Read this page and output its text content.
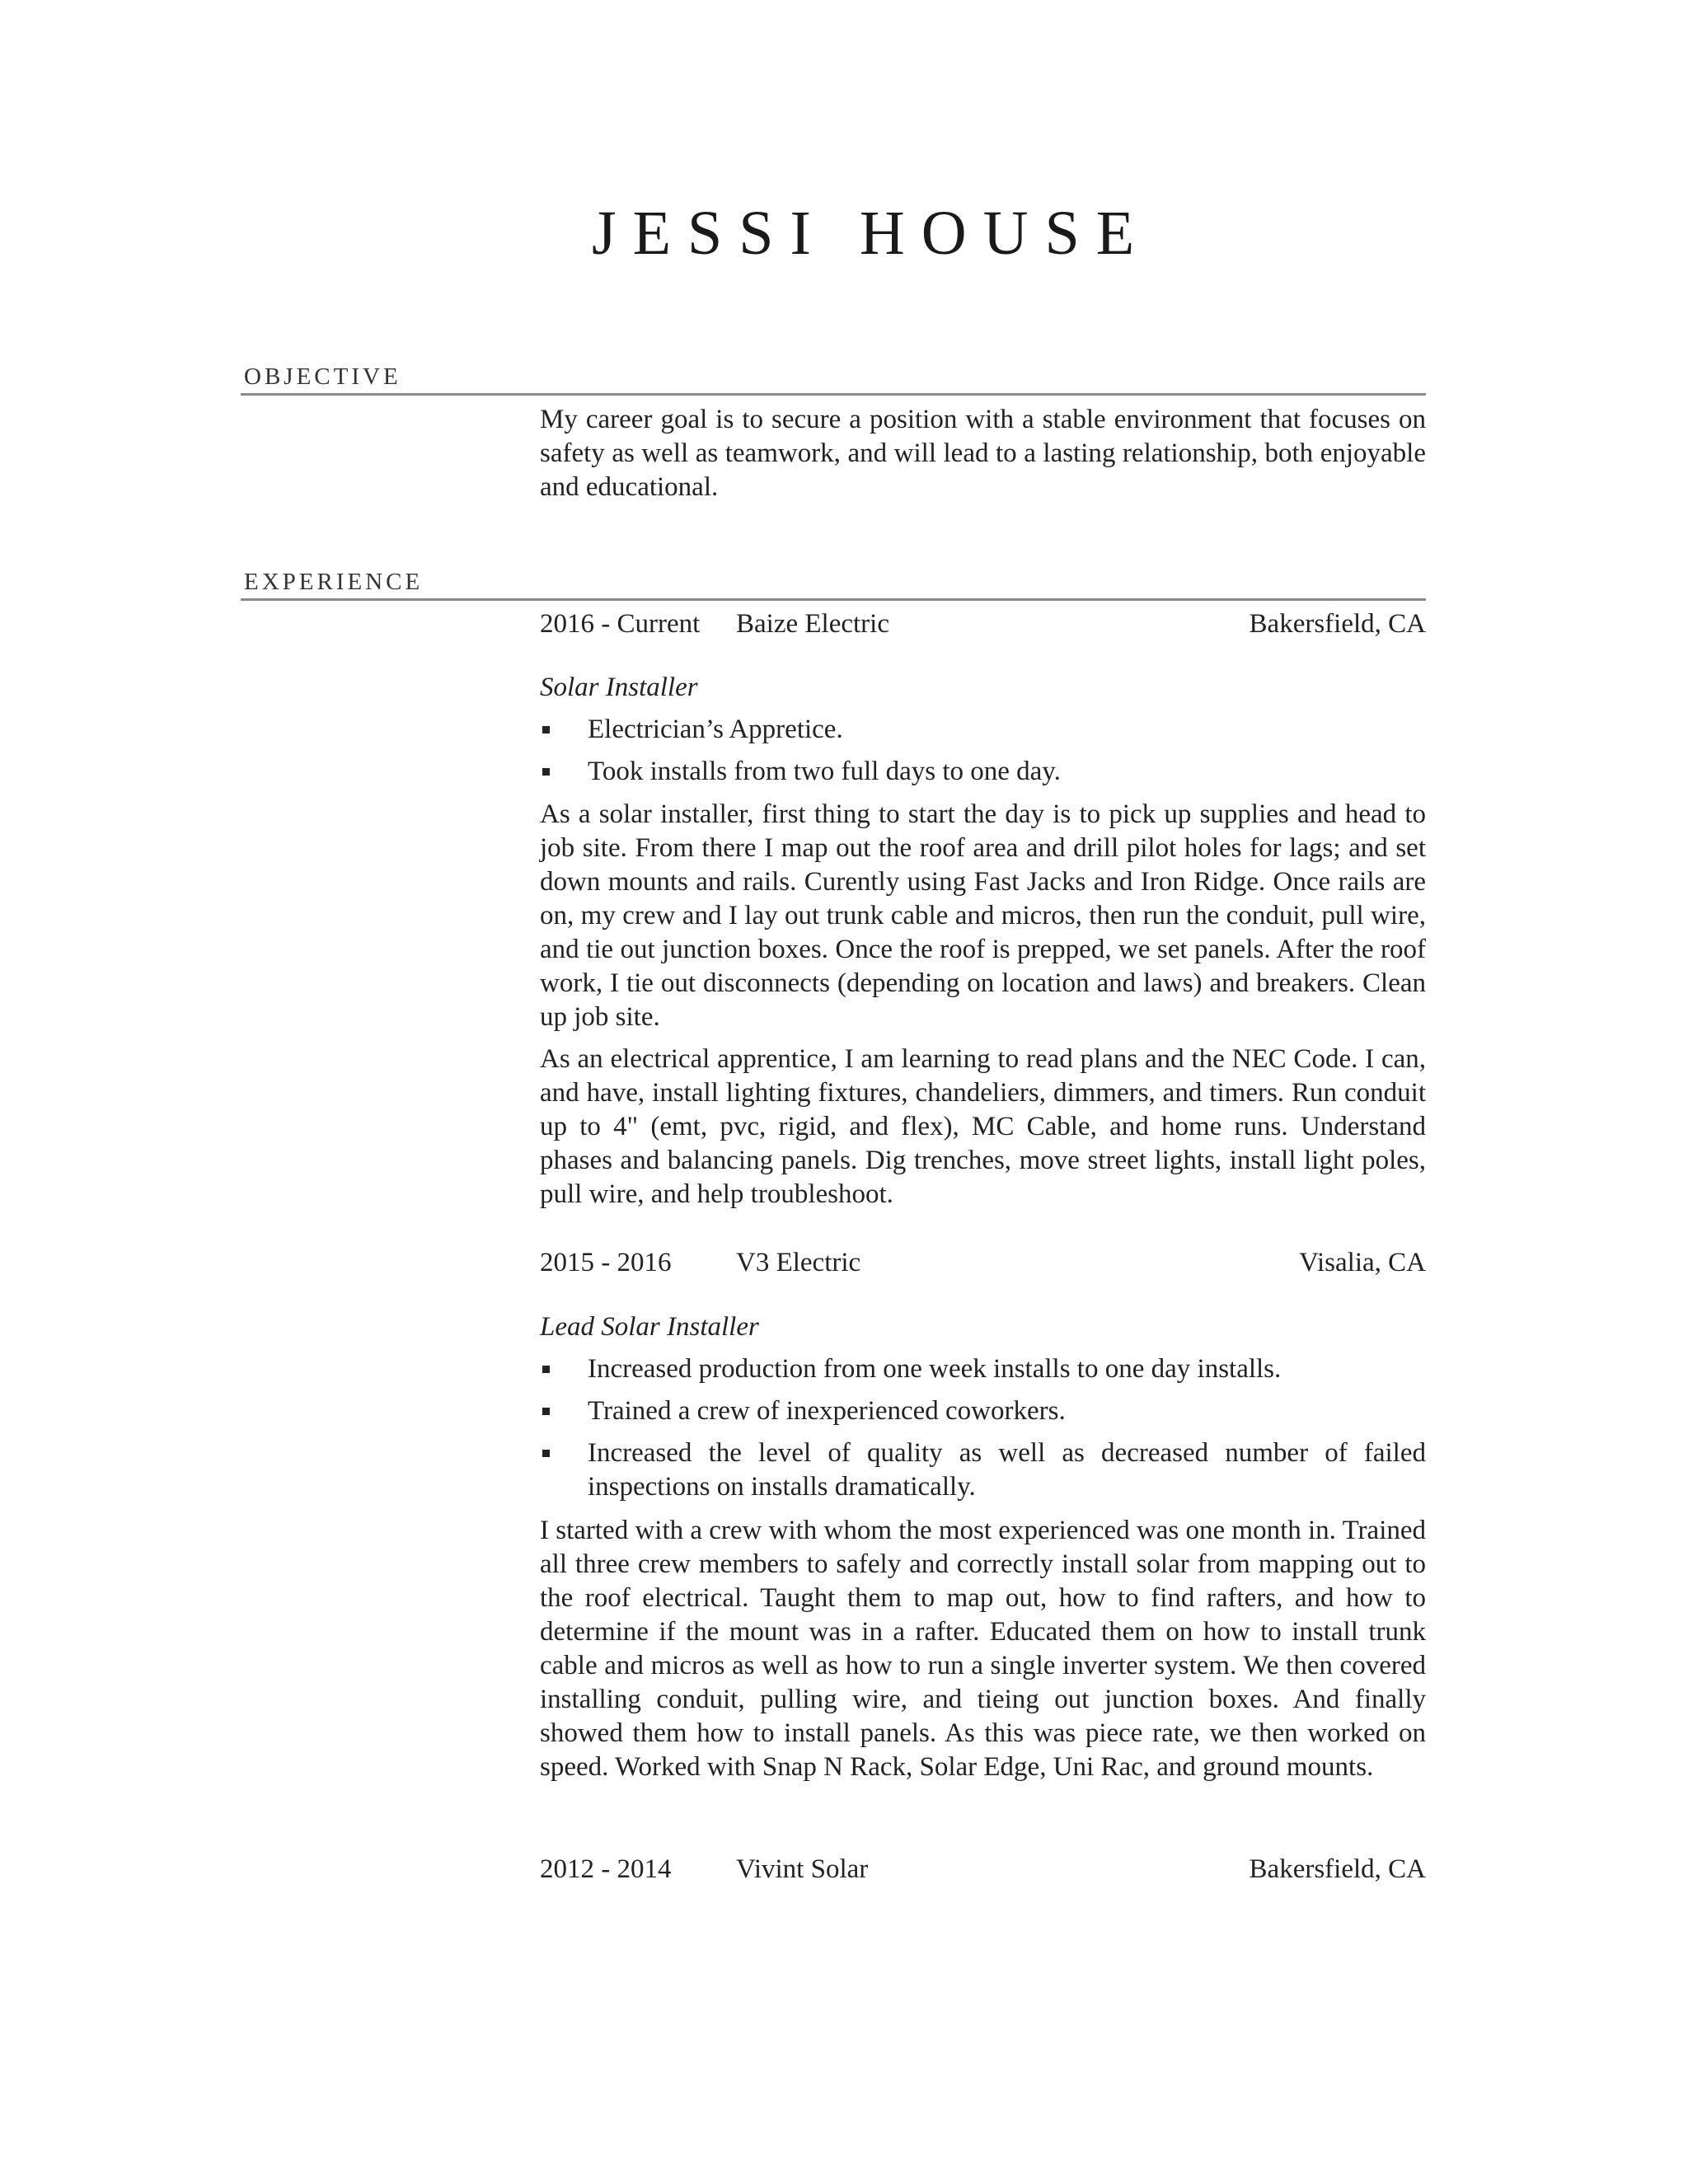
JESSI HOUSE
OBJECTIVE

My career goal is to secure a position with a stable environment that focuses on safety as well as teamwork, and will lead to a lasting relationship, both enjoyable and educational.

EXPERIENCE
2016 - Current Baize Electric	Bakersfield, CA
Solar Installer
Electrician’s Appretice.
Took installs from two full days to one day.

As a solar installer, first thing to start the day is to pick up supplies and head to job site. From there I map out the roof area and drill pilot holes for lags; and set down mounts and rails. Curently using Fast Jacks and Iron Ridge. Once rails are on, my crew and I lay out trunk cable and micros, then run the conduit, pull wire, and tie out junction boxes. Once the roof is prepped, we set panels. After the roof work, I tie out disconnects (depending on location and laws) and breakers. Clean up job site.

As an electrical apprentice, I am learning to read plans and the NEC Code. I can, and have, install lighting fixtures, chandeliers, dimmers, and timers. Run conduit up to 4" (emt, pvc, rigid, and flex), MC Cable, and home runs. Understand phases and balancing panels. Dig trenches, move street lights, install light poles, pull wire, and help troubleshoot.

2015 - 2016 V3 Electric	Visalia, CA
Lead Solar Installer
Increased production from one week installs to one day installs.
Trained a crew of inexperienced coworkers.
Increased the level of quality as well as decreased number of failed inspections on installs dramatically.

I started with a crew with whom the most experienced was one month in. Trained all three crew members to safely and correctly install solar from mapping out to the roof electrical. Taught them to map out, how to find rafters, and how to determine if the mount was in a rafter. Educated them on how to install trunk cable and micros as well as how to run a single inverter system. We then covered installing conduit, pulling wire, and tieing out junction boxes. And finally showed them how to install panels. As this was piece rate, we then worked on speed. Worked with Snap N Rack, Solar Edge, Uni Rac, and ground mounts.

2012 - 2014 Vivint Solar	Bakersfield, CA
